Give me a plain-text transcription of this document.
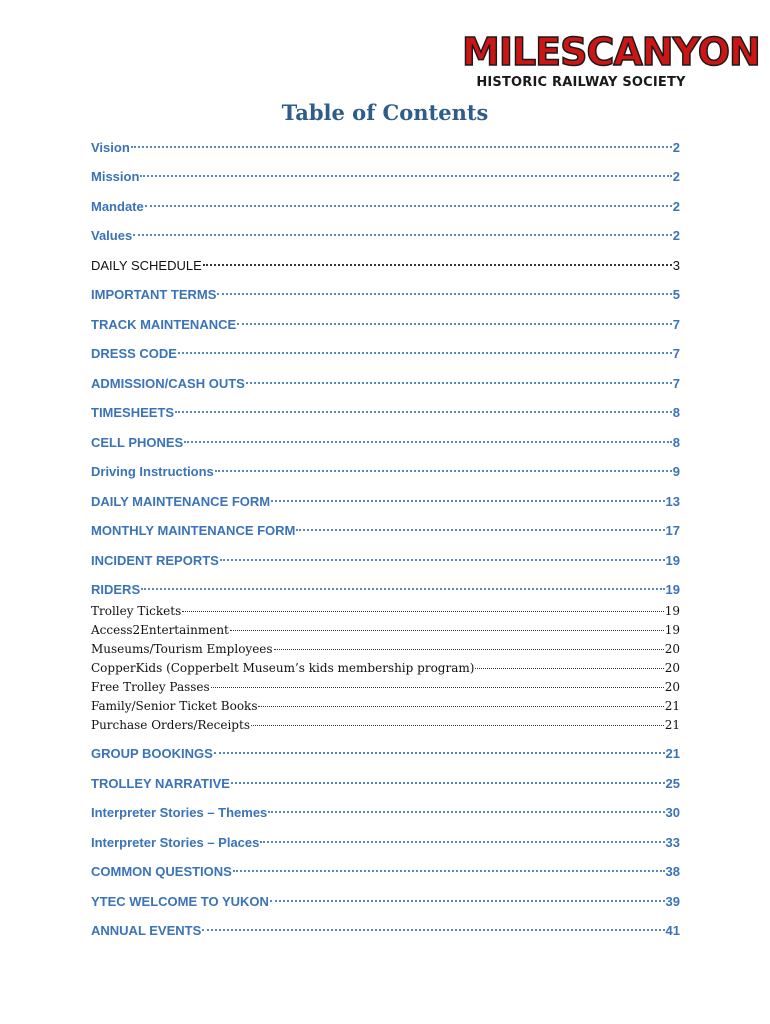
MILESCANYON
HISTORIC RAILWAY SOCIETY
Table of Contents
Vision	2
Mission	2
Mandate	2
Values	2
DAILY SCHEDULE	3
IMPORTANT TERMS	5
TRACK MAINTENANCE	7
DRESS CODE	7
ADMISSION/CASH OUTS	7
TIMESHEETS	8
CELL PHONES	8
Driving Instructions	9
DAILY MAINTENANCE FORM	13
MONTHLY MAINTENANCE FORM	17
INCIDENT REPORTS	19
RIDERS	19
Trolley Tickets	19
Access2Entertainment	19
Museums/Tourism Employees	20
CopperKids (Copperbelt Museum’s kids membership program)	20
Free Trolley Passes	20
Family/Senior Ticket Books	21
Purchase Orders/Receipts	21
GROUP BOOKINGS	21
TROLLEY NARRATIVE	25
Interpreter Stories – Themes	30
Interpreter Stories – Places	33
COMMON QUESTIONS	38
YTEC WELCOME TO YUKON	39
ANNUAL EVENTS	41
